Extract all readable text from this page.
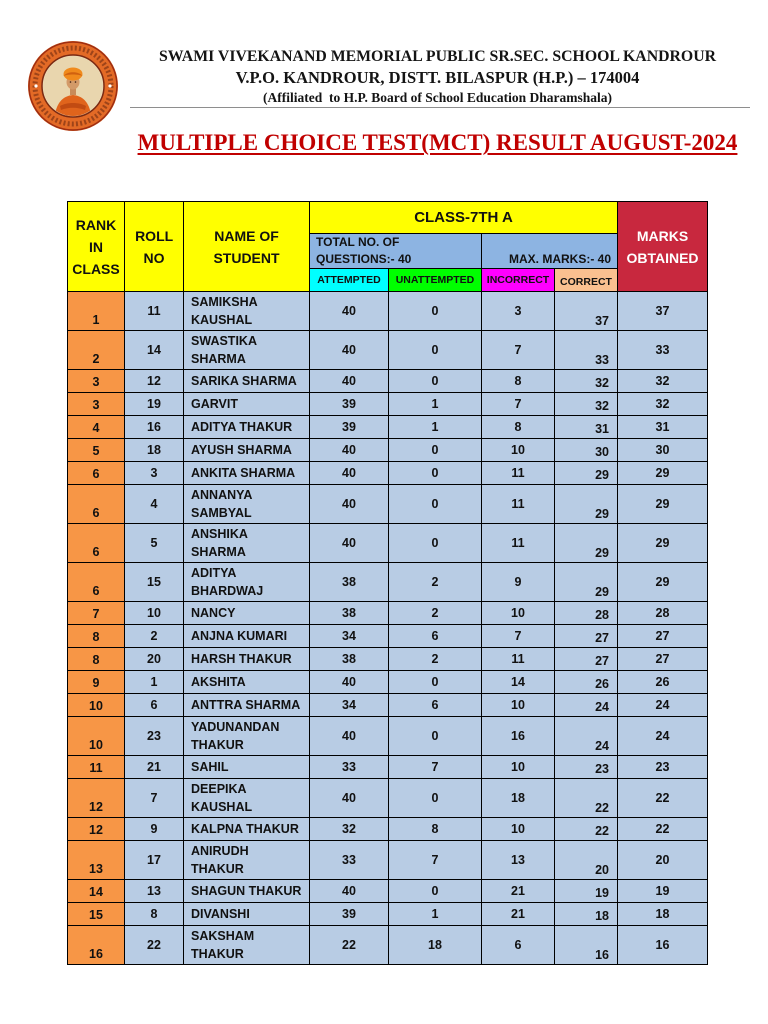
SWAMI VIVEKANAND MEMORIAL PUBLIC SR.SEC. SCHOOL KANDROUR
V.P.O. KANDROUR, DISTT. BILASPUR (H.P.) – 174004
(Affiliated  to H.P. Board of School Education Dharamshala)
MULTIPLE CHOICE TEST(MCT) RESULT AUGUST-2024
RANK IN CLASS	ROLL NO	NAME OF STUDENT	CLASS-7TH A				MARKS OBTAINED

			TOTAL NO. OF QUESTIONS:- 40		MAX. MARKS:- 40		
			ATTEMPTED	UNATTEMPTED	INCORRECT	CORRECT	
1	11	SAMIKSHA KAUSHAL	40	0	3	37	37
2	14	SWASTIKA SHARMA	40	0	7	33	33
3	12	SARIKA SHARMA	40	0	8	32	32
3	19	GARVIT	39	1	7	32	32
4	16	ADITYA THAKUR	39	1	8	31	31
5	18	AYUSH SHARMA	40	0	10	30	30
6	3	ANKITA SHARMA	40	0	11	29	29
6	4	ANNANYA SAMBYAL	40	0	11	29	29
6	5	ANSHIKA SHARMA	40	0	11	29	29
6	15	ADITYA BHARDWAJ	38	2	9	29	29
7	10	NANCY	38	2	10	28	28
8	2	ANJNA KUMARI	34	6	7	27	27
8	20	HARSH THAKUR	38	2	11	27	27
9	1	AKSHITA	40	0	14	26	26
10	6	ANTTRA SHARMA	34	6	10	24	24
10	23	YADUNANDAN THAKUR	40	0	16	24	24
11	21	SAHIL	33	7	10	23	23
12	7	DEEPIKA KAUSHAL	40	0	18	22	22
12	9	KALPNA THAKUR	32	8	10	22	22
13	17	ANIRUDH THAKUR	33	7	13	20	20
14	13	SHAGUN THAKUR	40	0	21	19	19
15	8	DIVANSHI	39	1	21	18	18
16	22	SAKSHAM THAKUR	22	18	6	16	16
